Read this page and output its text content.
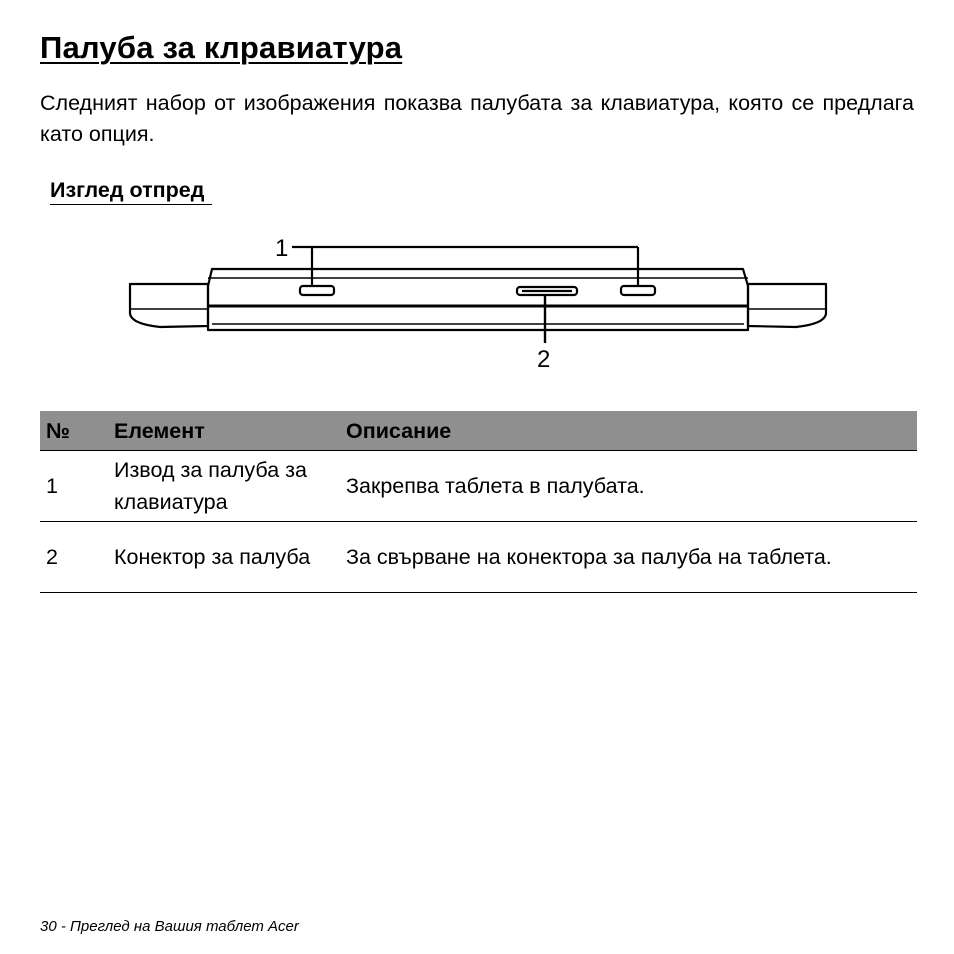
Палуба за клравиатура

Следният набор от изображения показва палубата за клавиатура, която се предлага като опция.

Изглед отпред
1
2
№	Елемент	Описание
1	Извод за палуба за клавиатура	Закрепва таблета в палубата.
2	Конектор за палуба	За свърване на конектора за палуба на таблета.

30 - Преглед на Вашия таблет Acer
